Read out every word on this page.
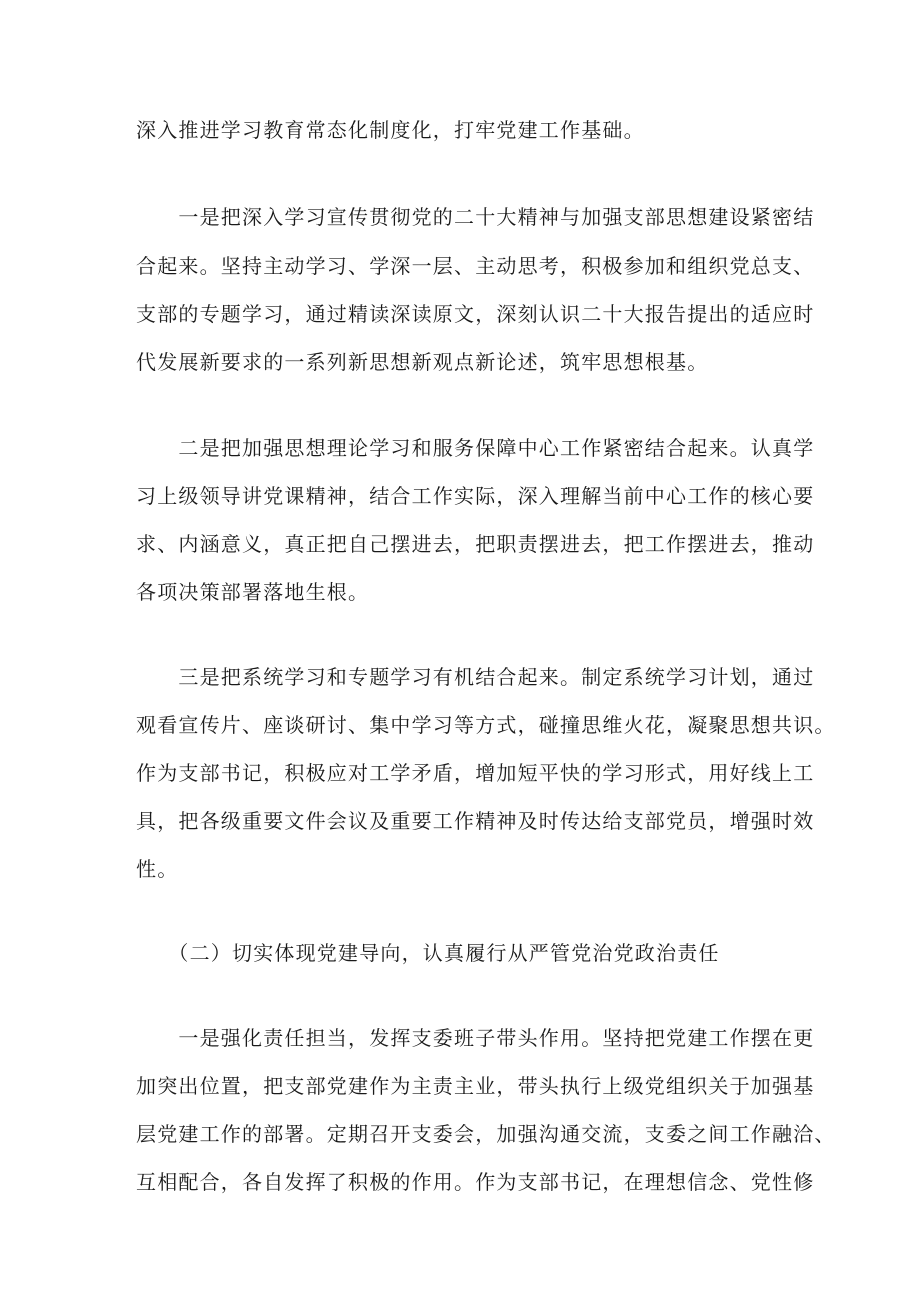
深入推进学习教育常态化制度化，打牢党建工作基础。
　　一是把深入学习宣传贯彻党的二十大精神与加强支部思想建设紧密结
合起来。坚持主动学习、学深一层、主动思考，积极参加和组织党总支、
支部的专题学习，通过精读深读原文，深刻认识二十大报告提出的适应时
代发展新要求的一系列新思想新观点新论述，筑牢思想根基。
　　二是把加强思想理论学习和服务保障中心工作紧密结合起来。认真学
习上级领导讲党课精神，结合工作实际，深入理解当前中心工作的核心要
求、内涵意义，真正把自己摆进去，把职责摆进去，把工作摆进去，推动
各项决策部署落地生根。
　　三是把系统学习和专题学习有机结合起来。制定系统学习计划，通过
观看宣传片、座谈研讨、集中学习等方式，碰撞思维火花，凝聚思想共识。
作为支部书记，积极应对工学矛盾，增加短平快的学习形式，用好线上工
具，把各级重要文件会议及重要工作精神及时传达给支部党员，增强时效
性。
　　（二）切实体现党建导向，认真履行从严管党治党政治责任
　　一是强化责任担当，发挥支委班子带头作用。坚持把党建工作摆在更
加突出位置，把支部党建作为主责主业，带头执行上级党组织关于加强基
层党建工作的部署。定期召开支委会，加强沟通交流，支委之间工作融洽、
互相配合，各自发挥了积极的作用。作为支部书记，在理想信念、党性修
